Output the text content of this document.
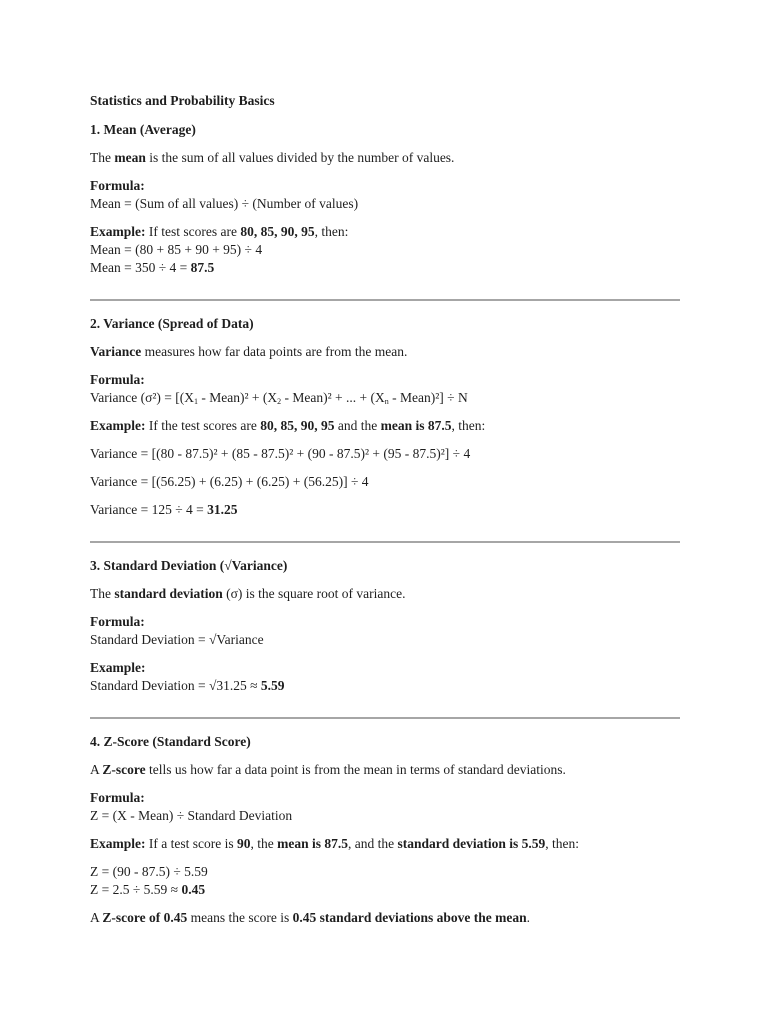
Statistics and Probability Basics
1. Mean (Average)
The mean is the sum of all values divided by the number of values.
Formula:
Mean = (Sum of all values) ÷ (Number of values)
Example: If test scores are 80, 85, 90, 95, then:
Mean = (80 + 85 + 90 + 95) ÷ 4
Mean = 350 ÷ 4 = 87.5
2. Variance (Spread of Data)
Variance measures how far data points are from the mean.
Formula:
Variance $(\sigma^2) = [(X_1$ - Mean)² + ($X_2$ - Mean)² + ... + ($X_n$ - Mean)²] ÷ N
Example: If the test scores are 80, 85, 90, 95 and the mean is 87.5, then:
Variance = [(80 - 87.5)² + (85 - 87.5)² + (90 - 87.5)² + (95 - 87.5)²] ÷ 4
Variance = [(56.25) + (6.25) + (6.25) + (56.25)] ÷ 4
Variance = 125 ÷ 4 = 31.25
3. Standard Deviation (√Variance)
The standard deviation (σ) is the square root of variance.
Formula:
Standard Deviation = √Variance
Example:
Standard Deviation = √31.25 ≈ 5.59
4. Z-Score (Standard Score)
A Z-score tells us how far a data point is from the mean in terms of standard deviations.
Formula:
Z = (X - Mean) ÷ Standard Deviation
Example: If a test score is 90, the mean is 87.5, and the standard deviation is 5.59, then:
Z = (90 - 87.5) ÷ 5.59
Z = 2.5 ÷ 5.59 ≈ 0.45
A Z-score of 0.45 means the score is 0.45 standard deviations above the mean.
